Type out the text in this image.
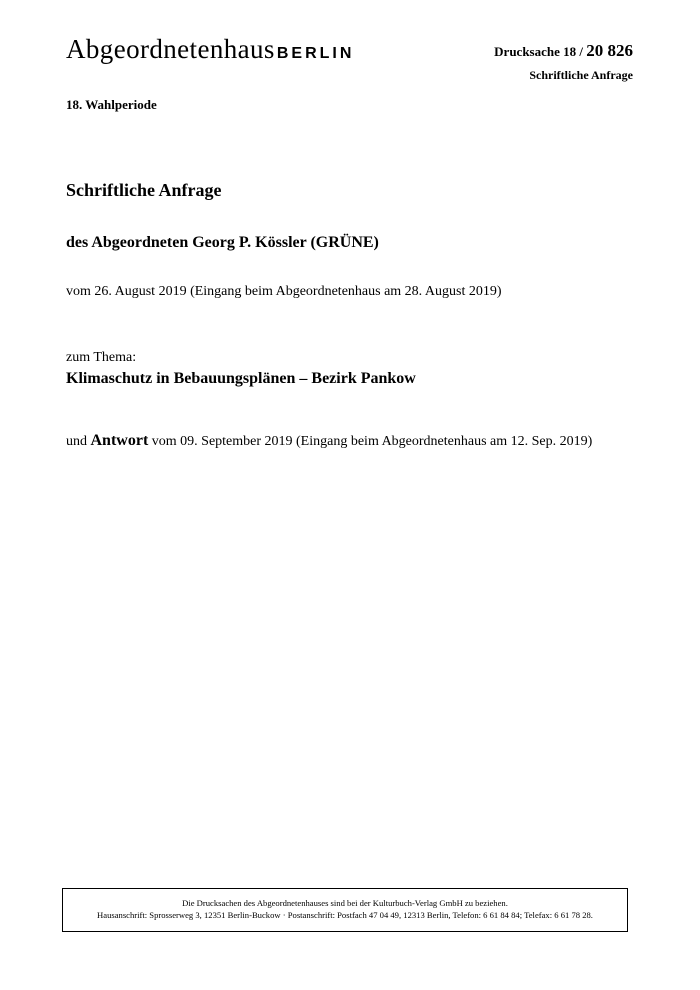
Abgeordnetenhaus BERLIN	Drucksache 18 / 20 826
Schriftliche Anfrage
18. Wahlperiode
Schriftliche Anfrage
des Abgeordneten Georg P. Kössler (GRÜNE)
vom 26. August 2019 (Eingang beim Abgeordnetenhaus am 28. August 2019)
zum Thema:
Klimaschutz in Bebauungsplänen – Bezirk Pankow
und Antwort vom 09. September 2019 (Eingang beim Abgeordnetenhaus am 12. Sep. 2019)
Die Drucksachen des Abgeordnetenhauses sind bei der Kulturbuch-Verlag GmbH zu beziehen.
Hausanschrift: Sprosserweg 3, 12351 Berlin-Buckow · Postanschrift: Postfach 47 04 49, 12313 Berlin, Telefon: 6 61 84 84; Telefax: 6 61 78 28.
